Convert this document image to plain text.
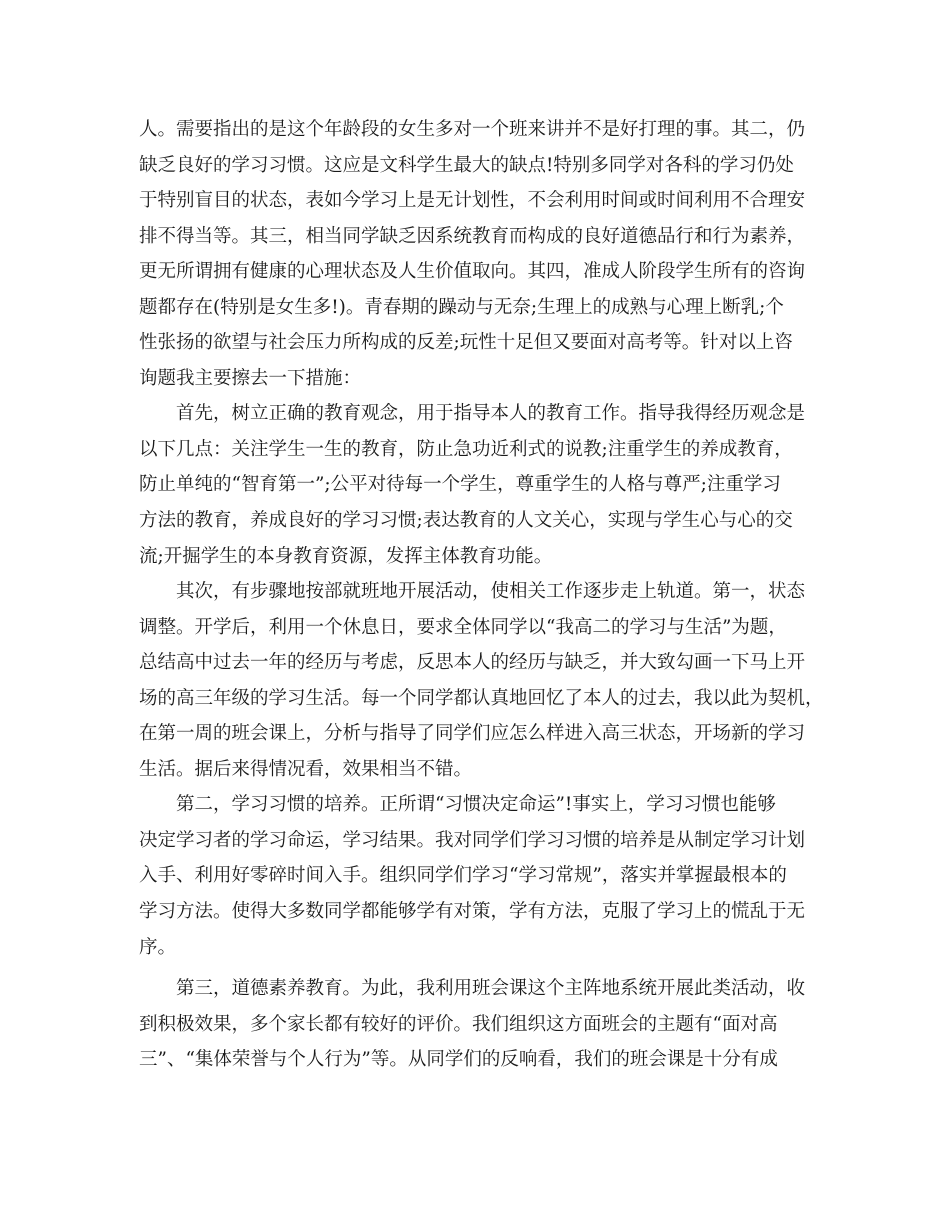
人。需要指出的是这个年龄段的女生多对一个班来讲并不是好打理的事。其二，仍
缺乏良好的学习习惯。这应是文科学生最大的缺点!特别多同学对各科的学习仍处
于特别盲目的状态，表如今学习上是无计划性，不会利用时间或时间利用不合理安
排不得当等。其三，相当同学缺乏因系统教育而构成的良好道德品行和行为素养，
更无所谓拥有健康的心理状态及人生价值取向。其四，准成人阶段学生所有的咨询
题都存在(特别是女生多!)。青春期的躁动与无奈;生理上的成熟与心理上断乳;个
性张扬的欲望与社会压力所构成的反差;玩性十足但又要面对高考等。针对以上咨
询题我主要擦去一下措施：
　　首先，树立正确的教育观念，用于指导本人的教育工作。指导我得经历观念是
以下几点：关注学生一生的教育，防止急功近利式的说教;注重学生的养成教育，
防止单纯的“智育第一”;公平对待每一个学生，尊重学生的人格与尊严;注重学习
方法的教育，养成良好的学习习惯;表达教育的人文关心，实现与学生心与心的交
流;开掘学生的本身教育资源，发挥主体教育功能。
　　其次，有步骤地按部就班地开展活动，使相关工作逐步走上轨道。第一，状态
调整。开学后，利用一个休息日，要求全体同学以“我高二的学习与生活”为题，
总结高中过去一年的经历与考虑，反思本人的经历与缺乏，并大致勾画一下马上开
场的高三年级的学习生活。每一个同学都认真地回忆了本人的过去，我以此为契机，
在第一周的班会课上，分析与指导了同学们应怎么样进入高三状态，开场新的学习
生活。据后来得情况看，效果相当不错。
　　第二，学习习惯的培养。正所谓“习惯决定命运”!事实上，学习习惯也能够
决定学习者的学习命运，学习结果。我对同学们学习习惯的培养是从制定学习计划
入手、利用好零碎时间入手。组织同学们学习“学习常规”，落实并掌握最根本的
学习方法。使得大多数同学都能够学有对策，学有方法，克服了学习上的慌乱于无
序。
　　第三，道德素养教育。为此，我利用班会课这个主阵地系统开展此类活动，收
到积极效果，多个家长都有较好的评价。我们组织这方面班会的主题有“面对高
三”、“集体荣誉与个人行为”等。从同学们的反响看，我们的班会课是十分有成
